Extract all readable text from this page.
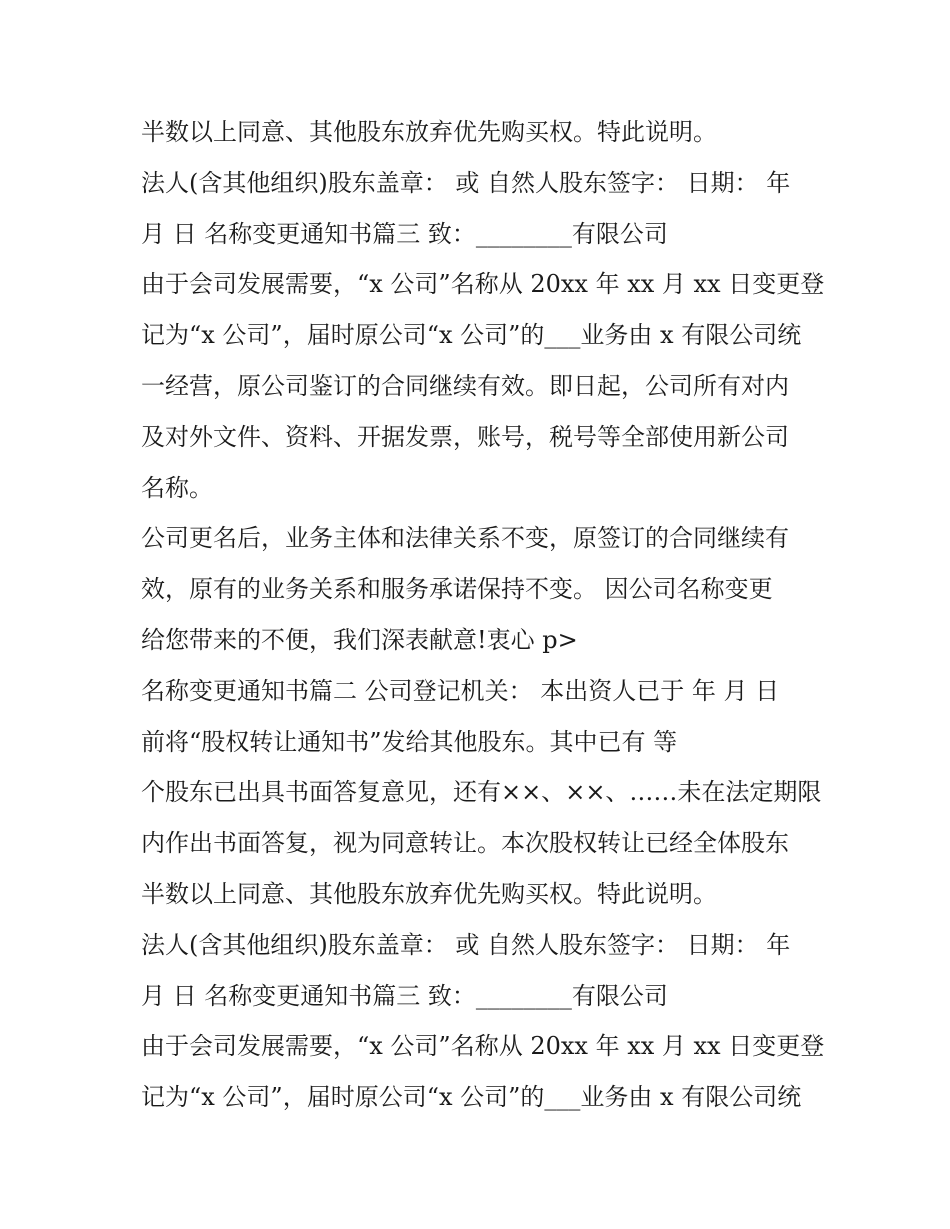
半数以上同意、其他股东放弃优先购买权。特此说明。
法人(含其他组织)股东盖章： 或 自然人股东签字： 日期： 年
月 日 名称变更通知书篇三 致：________有限公司
由于会司发展需要，“x 公司”名称从 20xx 年 xx 月 xx 日变更登
记为“x 公司”，届时原公司“x 公司”的___业务由 x 有限公司统
一经营，原公司鉴订的合同继续有效。即日起，公司所有对内
及对外文件、资料、开据发票，账号，税号等全部使用新公司
名称。
公司更名后，业务主体和法律关系不变，原签订的合同继续有
效，原有的业务关系和服务承诺保持不变。 因公司名称变更
给您带来的不便，我们深表献意!衷心 p>
名称变更通知书篇二 公司登记机关： 本出资人已于 年 月 日
前将“股权转让通知书”发给其他股东。其中已有 等
个股东已出具书面答复意见，还有××、××、……未在法定期限
内作出书面答复，视为同意转让。本次股权转让已经全体股东
半数以上同意、其他股东放弃优先购买权。特此说明。
法人(含其他组织)股东盖章： 或 自然人股东签字： 日期： 年
月 日 名称变更通知书篇三 致：________有限公司
由于会司发展需要，“x 公司”名称从 20xx 年 xx 月 xx 日变更登
记为“x 公司”，届时原公司“x 公司”的___业务由 x 有限公司统
